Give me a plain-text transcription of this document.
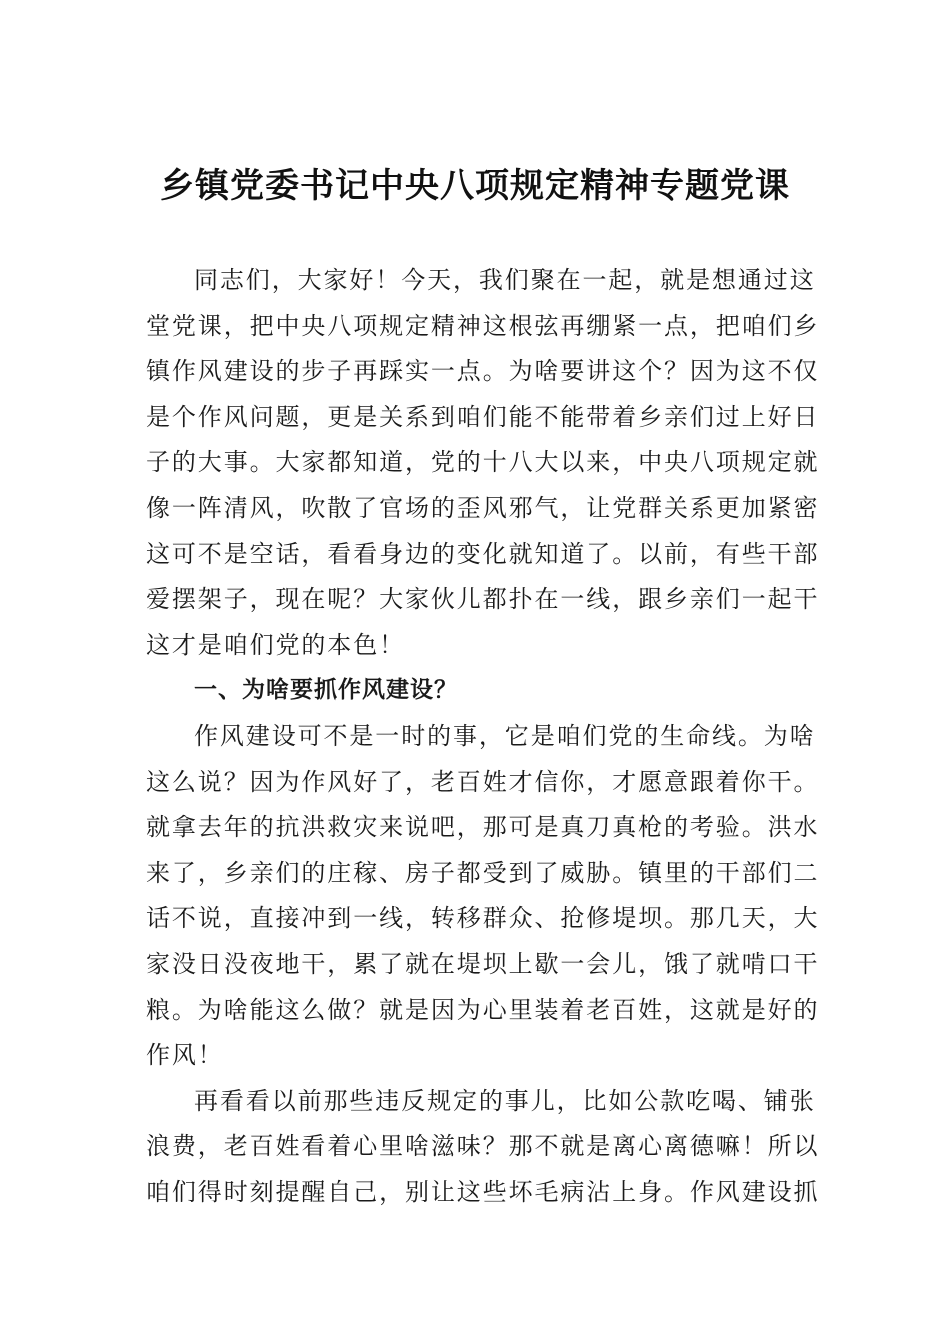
乡镇党委书记中央八项规定精神专题党课
同志们，大家好！今天，我们聚在一起，就是想通过这
堂党课，把中央八项规定精神这根弦再绷紧一点，把咱们乡
镇作风建设的步子再踩实一点。为啥要讲这个？因为这不仅
是个作风问题，更是关系到咱们能不能带着乡亲们过上好日
子的大事。大家都知道，党的十八大以来，中央八项规定就
像一阵清风，吹散了官场的歪风邪气，让党群关系更加紧密
这可不是空话，看看身边的变化就知道了。以前，有些干部
爱摆架子，现在呢？大家伙儿都扑在一线，跟乡亲们一起干
这才是咱们党的本色！
一、为啥要抓作风建设？
作风建设可不是一时的事，它是咱们党的生命线。为啥
这么说？因为作风好了，老百姓才信你，才愿意跟着你干。
就拿去年的抗洪救灾来说吧，那可是真刀真枪的考验。洪水
来了，乡亲们的庄稼、房子都受到了威胁。镇里的干部们二
话不说，直接冲到一线，转移群众、抢修堤坝。那几天，大
家没日没夜地干，累了就在堤坝上歇一会儿，饿了就啃口干
粮。为啥能这么做？就是因为心里装着老百姓，这就是好的
作风！
再看看以前那些违反规定的事儿，比如公款吃喝、铺张
浪费，老百姓看着心里啥滋味？那不就是离心离德嘛！所以
咱们得时刻提醒自己，别让这些坏毛病沾上身。作风建设抓
